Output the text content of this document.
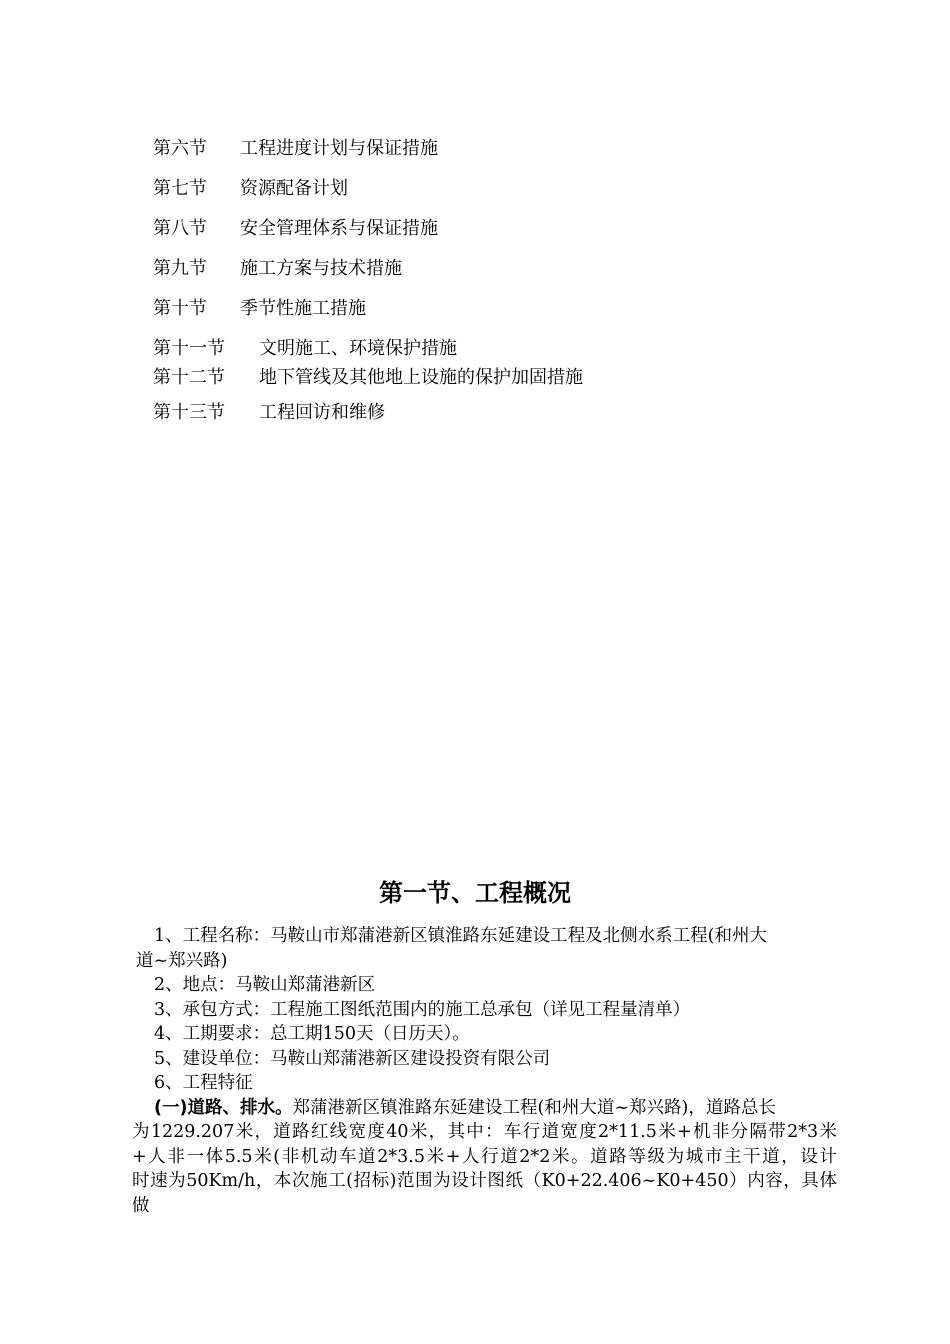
第六节 工程进度计划与保证措施
第七节 资源配备计划
第八节 安全管理体系与保证措施
第九节 施工方案与技术措施
第十节 季节性施工措施
第十一节 文明施工、环境保护措施
第十二节 地下管线及其他地上设施的保护加固措施
第十三节 工程回访和维修
第一节、工程概况

1、工程名称：马鞍山市郑蒲港新区镇淮路东延建设工程及北侧水系工程(和州大

道~郑兴路)

2、地点：马鞍山郑蒲港新区

3、承包方式：工程施工图纸范围内的施工总承包（详见工程量清单）

4、工期要求：总工期150天（日历天）。

5、建设单位：马鞍山郑蒲港新区建设投资有限公司

6、工程特征

(一)道路、排水。郑蒲港新区镇淮路东延建设工程(和州大道~郑兴路)，道路总长

为1229.207米，道路红线宽度40米，其中：车行道宽度2*11.5米+机非分隔带2*3米

+人非一体5.5米(非机动车道2*3.5米+人行道2*2米。道路等级为城市主干道，设计

时速为50Km/h，本次施工(招标)范围为设计图纸（K0+22.406~K0+450）内容，具体做
